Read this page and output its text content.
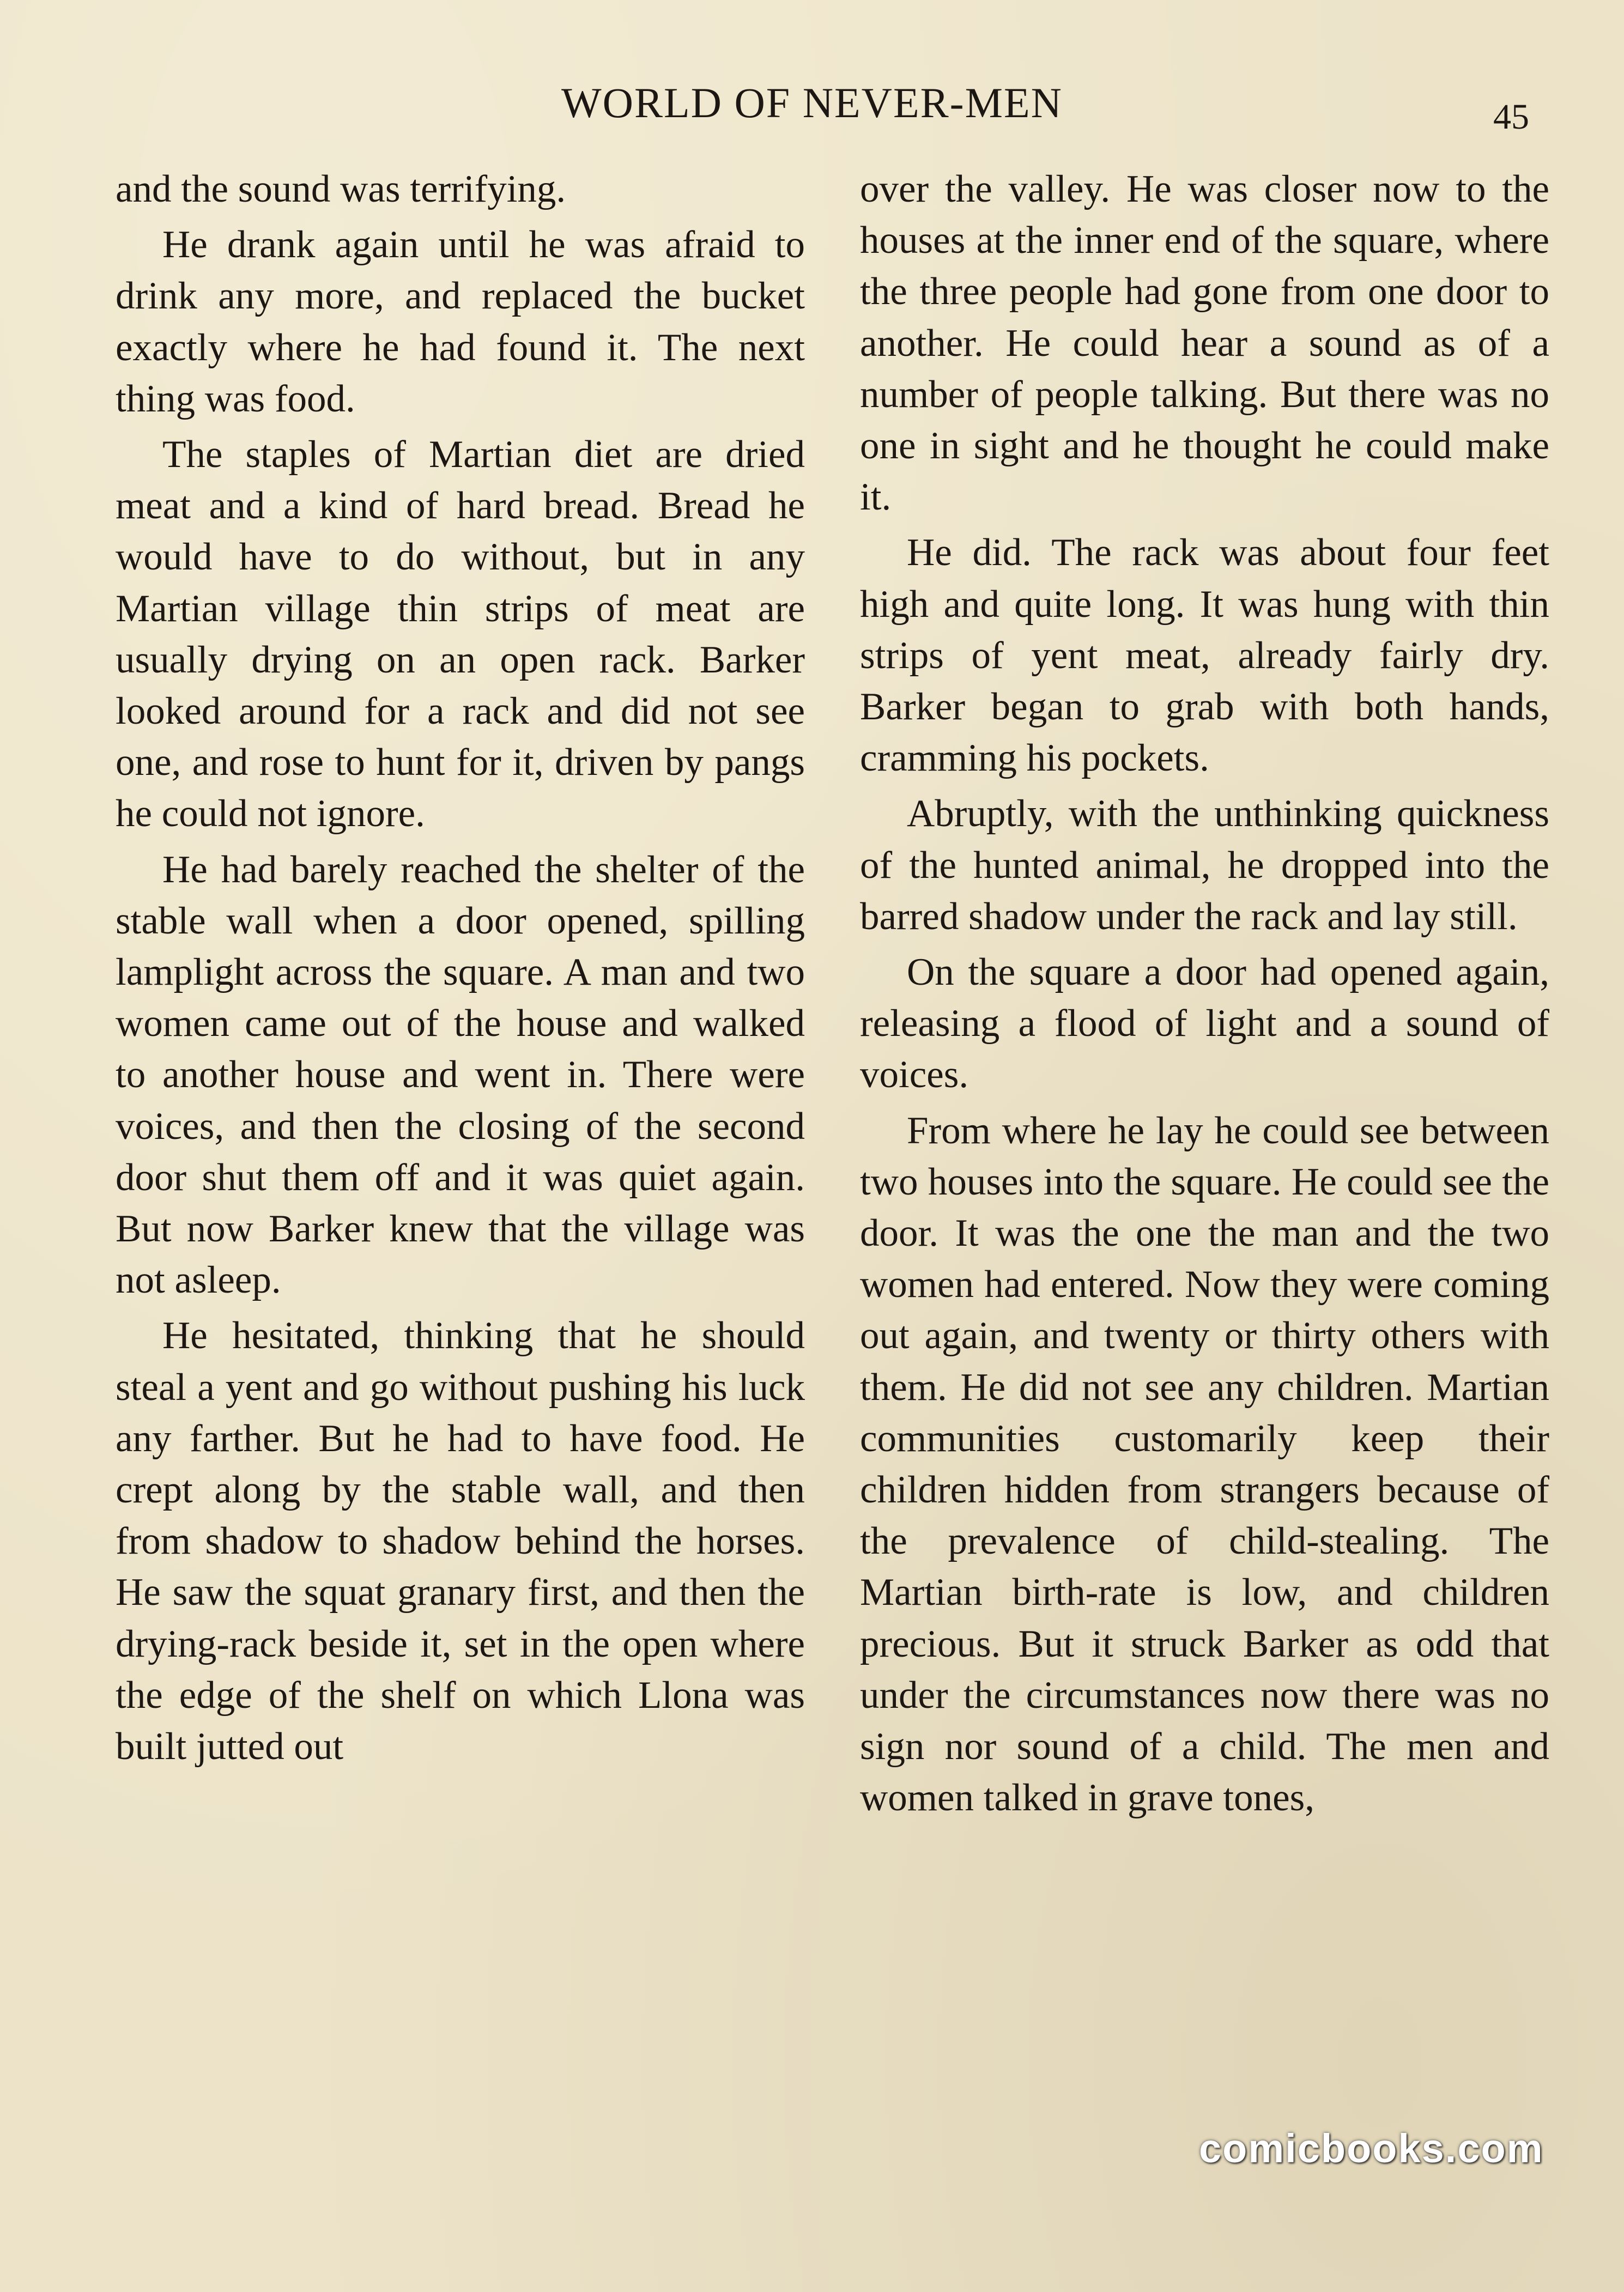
WORLD OF NEVER-MEN	45

and the sound was terrifying.

He drank again until he was afraid to drink any more, and replaced the bucket exactly where he had found it. The next thing was food.

The staples of Martian diet are dried meat and a kind of hard bread. Bread he would have to do without, but in any Martian village thin strips of meat are usually drying on an open rack. Barker looked around for a rack and did not see one, and rose to hunt for it, driven by pangs he could not ignore.

He had barely reached the shelter of the stable wall when a door opened, spilling lamplight across the square. A man and two women came out of the house and walked to another house and went in. There were voices, and then the closing of the second door shut them off and it was quiet again. But now Barker knew that the village was not asleep.

He hesitated, thinking that he should steal a yent and go without pushing his luck any farther. But he had to have food. He crept along by the stable wall, and then from shadow to shadow behind the horses. He saw the squat granary first, and then the drying-rack beside it, set in the open where the edge of the shelf on which Llona was built jutted out

over the valley. He was closer now to the houses at the inner end of the square, where the three people had gone from one door to another. He could hear a sound as of a number of people talking. But there was no one in sight and he thought he could make it.

He did. The rack was about four feet high and quite long. It was hung with thin strips of yent meat, already fairly dry. Barker began to grab with both hands, cramming his pockets.

Abruptly, with the unthinking quickness of the hunted animal, he dropped into the barred shadow under the rack and lay still.

On the square a door had opened again, releasing a flood of light and a sound of voices.

From where he lay he could see between two houses into the square. He could see the door. It was the one the man and the two women had entered. Now they were coming out again, and twenty or thirty others with them. He did not see any children. Martian communities customarily keep their children hidden from strangers because of the prevalence of child-stealing. The Martian birth-rate is low, and children precious. But it struck Barker as odd that under the circumstances now there was no sign nor sound of a child. The men and women talked in grave tones,

comicbooks.com
